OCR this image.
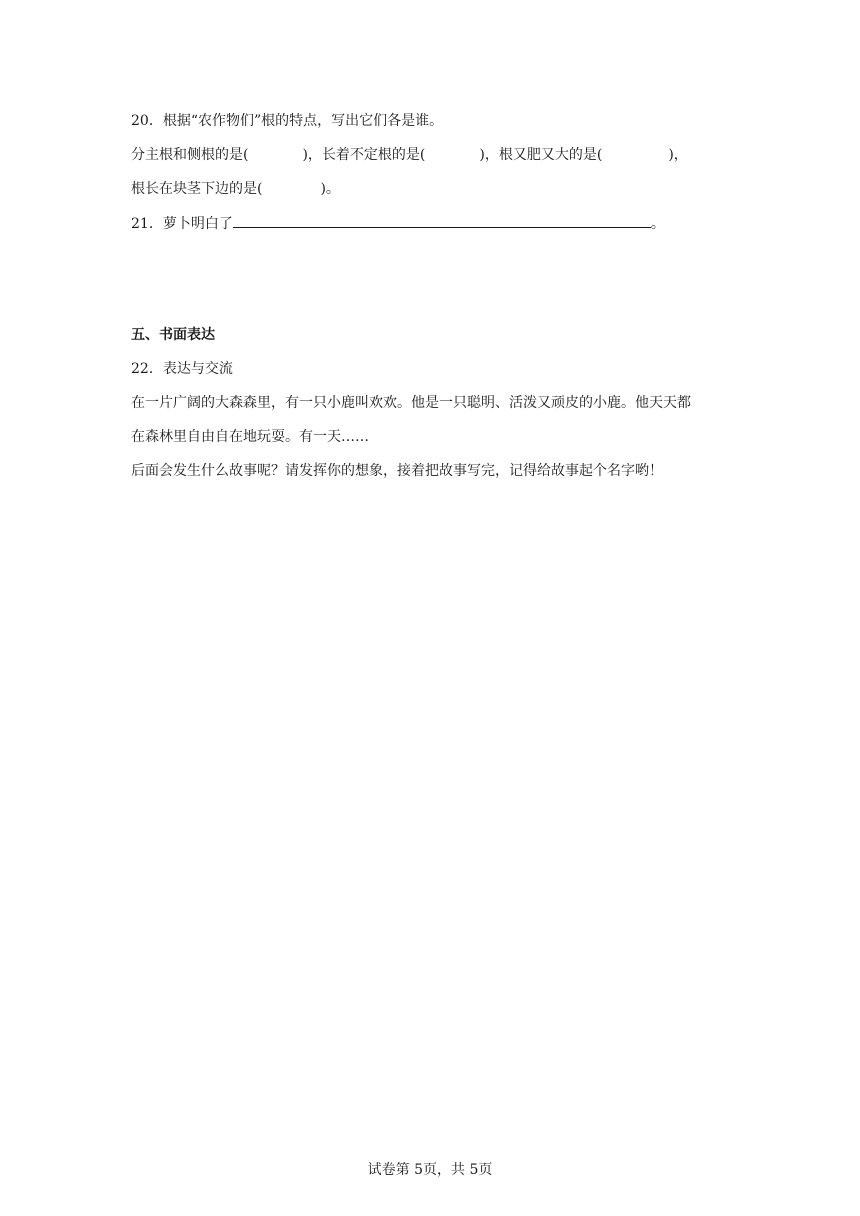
20．根据“农作物们”根的特点，写出它们各是谁。
分主根和侧根的是(	)，长着不定根的是(	)，根又肥又大的是(	)，
根长在块茎下边的是(	)。
21．萝卜明白了	。
五、书面表达
22．表达与交流
在一片广阔的大森森里，有一只小鹿叫欢欢。他是一只聪明、活泼又顽皮的小鹿。他天天都
在森林里自由自在地玩耍。有一天……
后面会发生什么故事呢？请发挥你的想象，接着把故事写完，记得给故事起个名字哟！
试卷第 5页，共 5页
